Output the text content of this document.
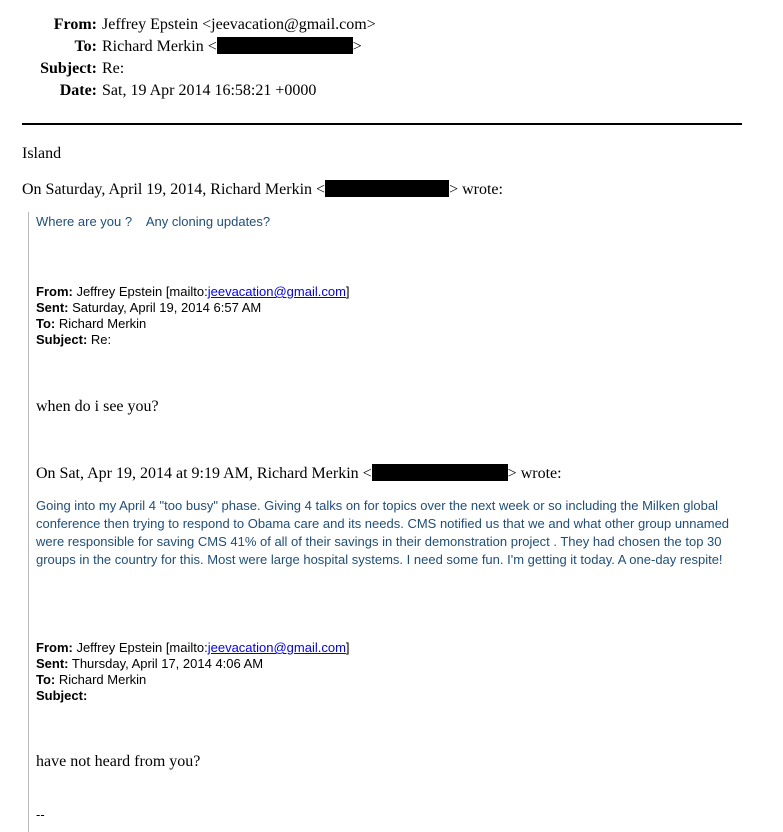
From: Jeffrey Epstein <jeevacation@gmail.com>
To: Richard Merkin <	>
Subject: Re:
Date: Sat, 19 Apr 2014 16:58:21 +0000
Island
On Saturday, April 19, 2014, Richard Merkin <	> wrote:
Where are you ?    Any cloning updates?
From: Jeffrey Epstein [mailto:jeevacation@gmail.com]
Sent: Saturday, April 19, 2014 6:57 AM
To: Richard Merkin
Subject: Re:
when do i see you?
On Sat, Apr 19, 2014 at 9:19 AM, Richard Merkin <	> wrote:
Going into my April 4 "too busy" phase. Giving 4 talks on for topics over the next week or so including the Milken global conference then trying to respond to Obama care and its needs. CMS notified us that we and what other group unnamed were responsible for saving CMS 41% of all of their savings in their demonstration project . They had chosen the top 30 groups in the country for this. Most were large hospital systems. I need some fun. I'm getting it today. A one-day respite!
From: Jeffrey Epstein [mailto:jeevacation@gmail.com]
Sent: Thursday, April 17, 2014 4:06 AM
To: Richard Merkin
Subject:
have not heard from you?
--
